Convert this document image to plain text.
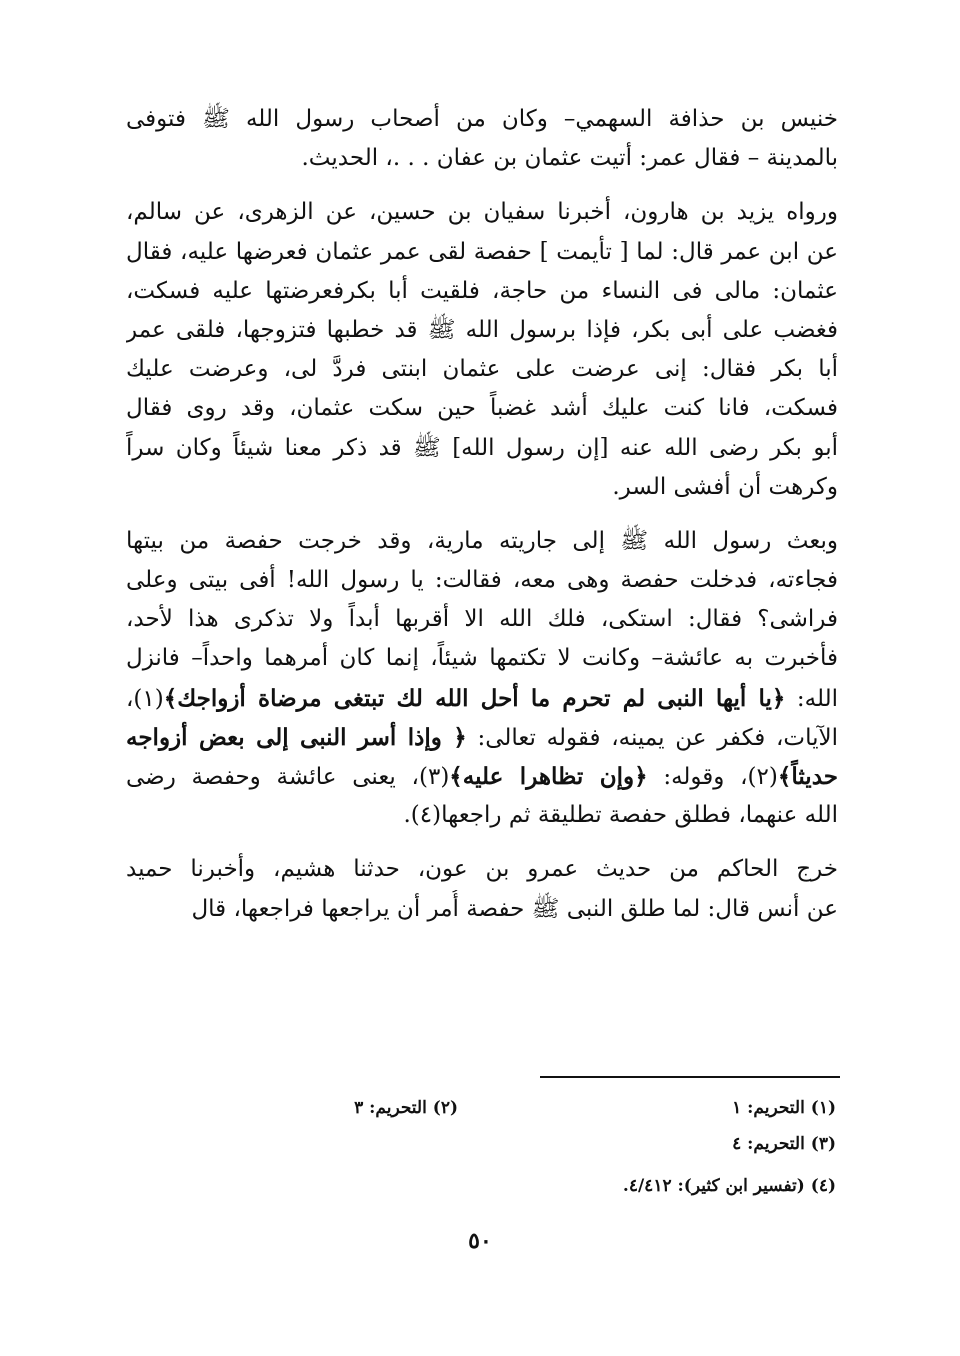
خنيس بن حذافة السهمي– وكان من أصحاب رسول الله ﷺ فتوفى
بالمدينة – فقال عمر: أتيت عثمان بن عفان . . .، الحديث.
ورواه يزيد بن هارون، أخبرنا سفيان بن حسين، عن الزهرى، عن سالم،
عن ابن عمر قال: لما [ تأيمت ] حفصة لقى عمر عثمان فعرضها عليه، فقال
عثمان: مالى فى النساء من حاجة، فلقيت أبا بكرفعرضتها عليه فسكت،
فغضب على أبى بكر، فإذا برسول الله ﷺ قد خطبها فتزوجها، فلقى عمر
أبا بكر فقال: إنى عرضت على عثمان ابنتى فردَّ لى، وعرضت عليك
فسكت، فانا كنت عليك أشد غضباً حين سكت عثمان، وقد روى فقال
أبو بكر رضى الله عنه [إن رسول الله] ﷺ قد ذكر معنا شيئاً وكان سراً
وكرهت أن أفشى السر.
وبعث رسول الله ﷺ إلى جاريته مارية، وقد خرجت حفصة من بيتها
فجاءته، فدخلت حفصة وهى معه، فقالت: يا رسول الله! أفى بيتى وعلى
فراشى؟ فقال: استكى، فلك الله الا أقربها أبداً ولا تذكرى هذا لأحد،
فأخبرت به عائشة– وكانت لا تكتمها شيئاً، إنما كان أمرهما واحداً– فانزل
الله: ﴿يا أيها النبى لم تحرم ما أحل الله لك تبتغى مرضاة أزواجك﴾(١)،
الآيات، فكفر عن يمينه، فقوله تعالى: ﴿ وإذا أسر النبى إلى بعض أزواجه
حديثاً﴾(٢)، وقوله: ﴿وإن تظاهرا عليه﴾(٣)، يعنى عائشة وحفصة رضى
الله عنهما، فطلق حفصة تطليقة ثم راجعها(٤).
خرج الحاكم من حديث عمرو بن عون، حدثنا هشيم، وأخبرنا حميد
عن أنس قال: لما طلق النبى ﷺ حفصة أُمر أن يراجعها فراجعها، قال
(١) التحريم: ١
(٢) التحريم: ٣
(٣) التحريم: ٤
(٤) (تفسير ابن كثير): ٤/٤١٢.
٥٠
